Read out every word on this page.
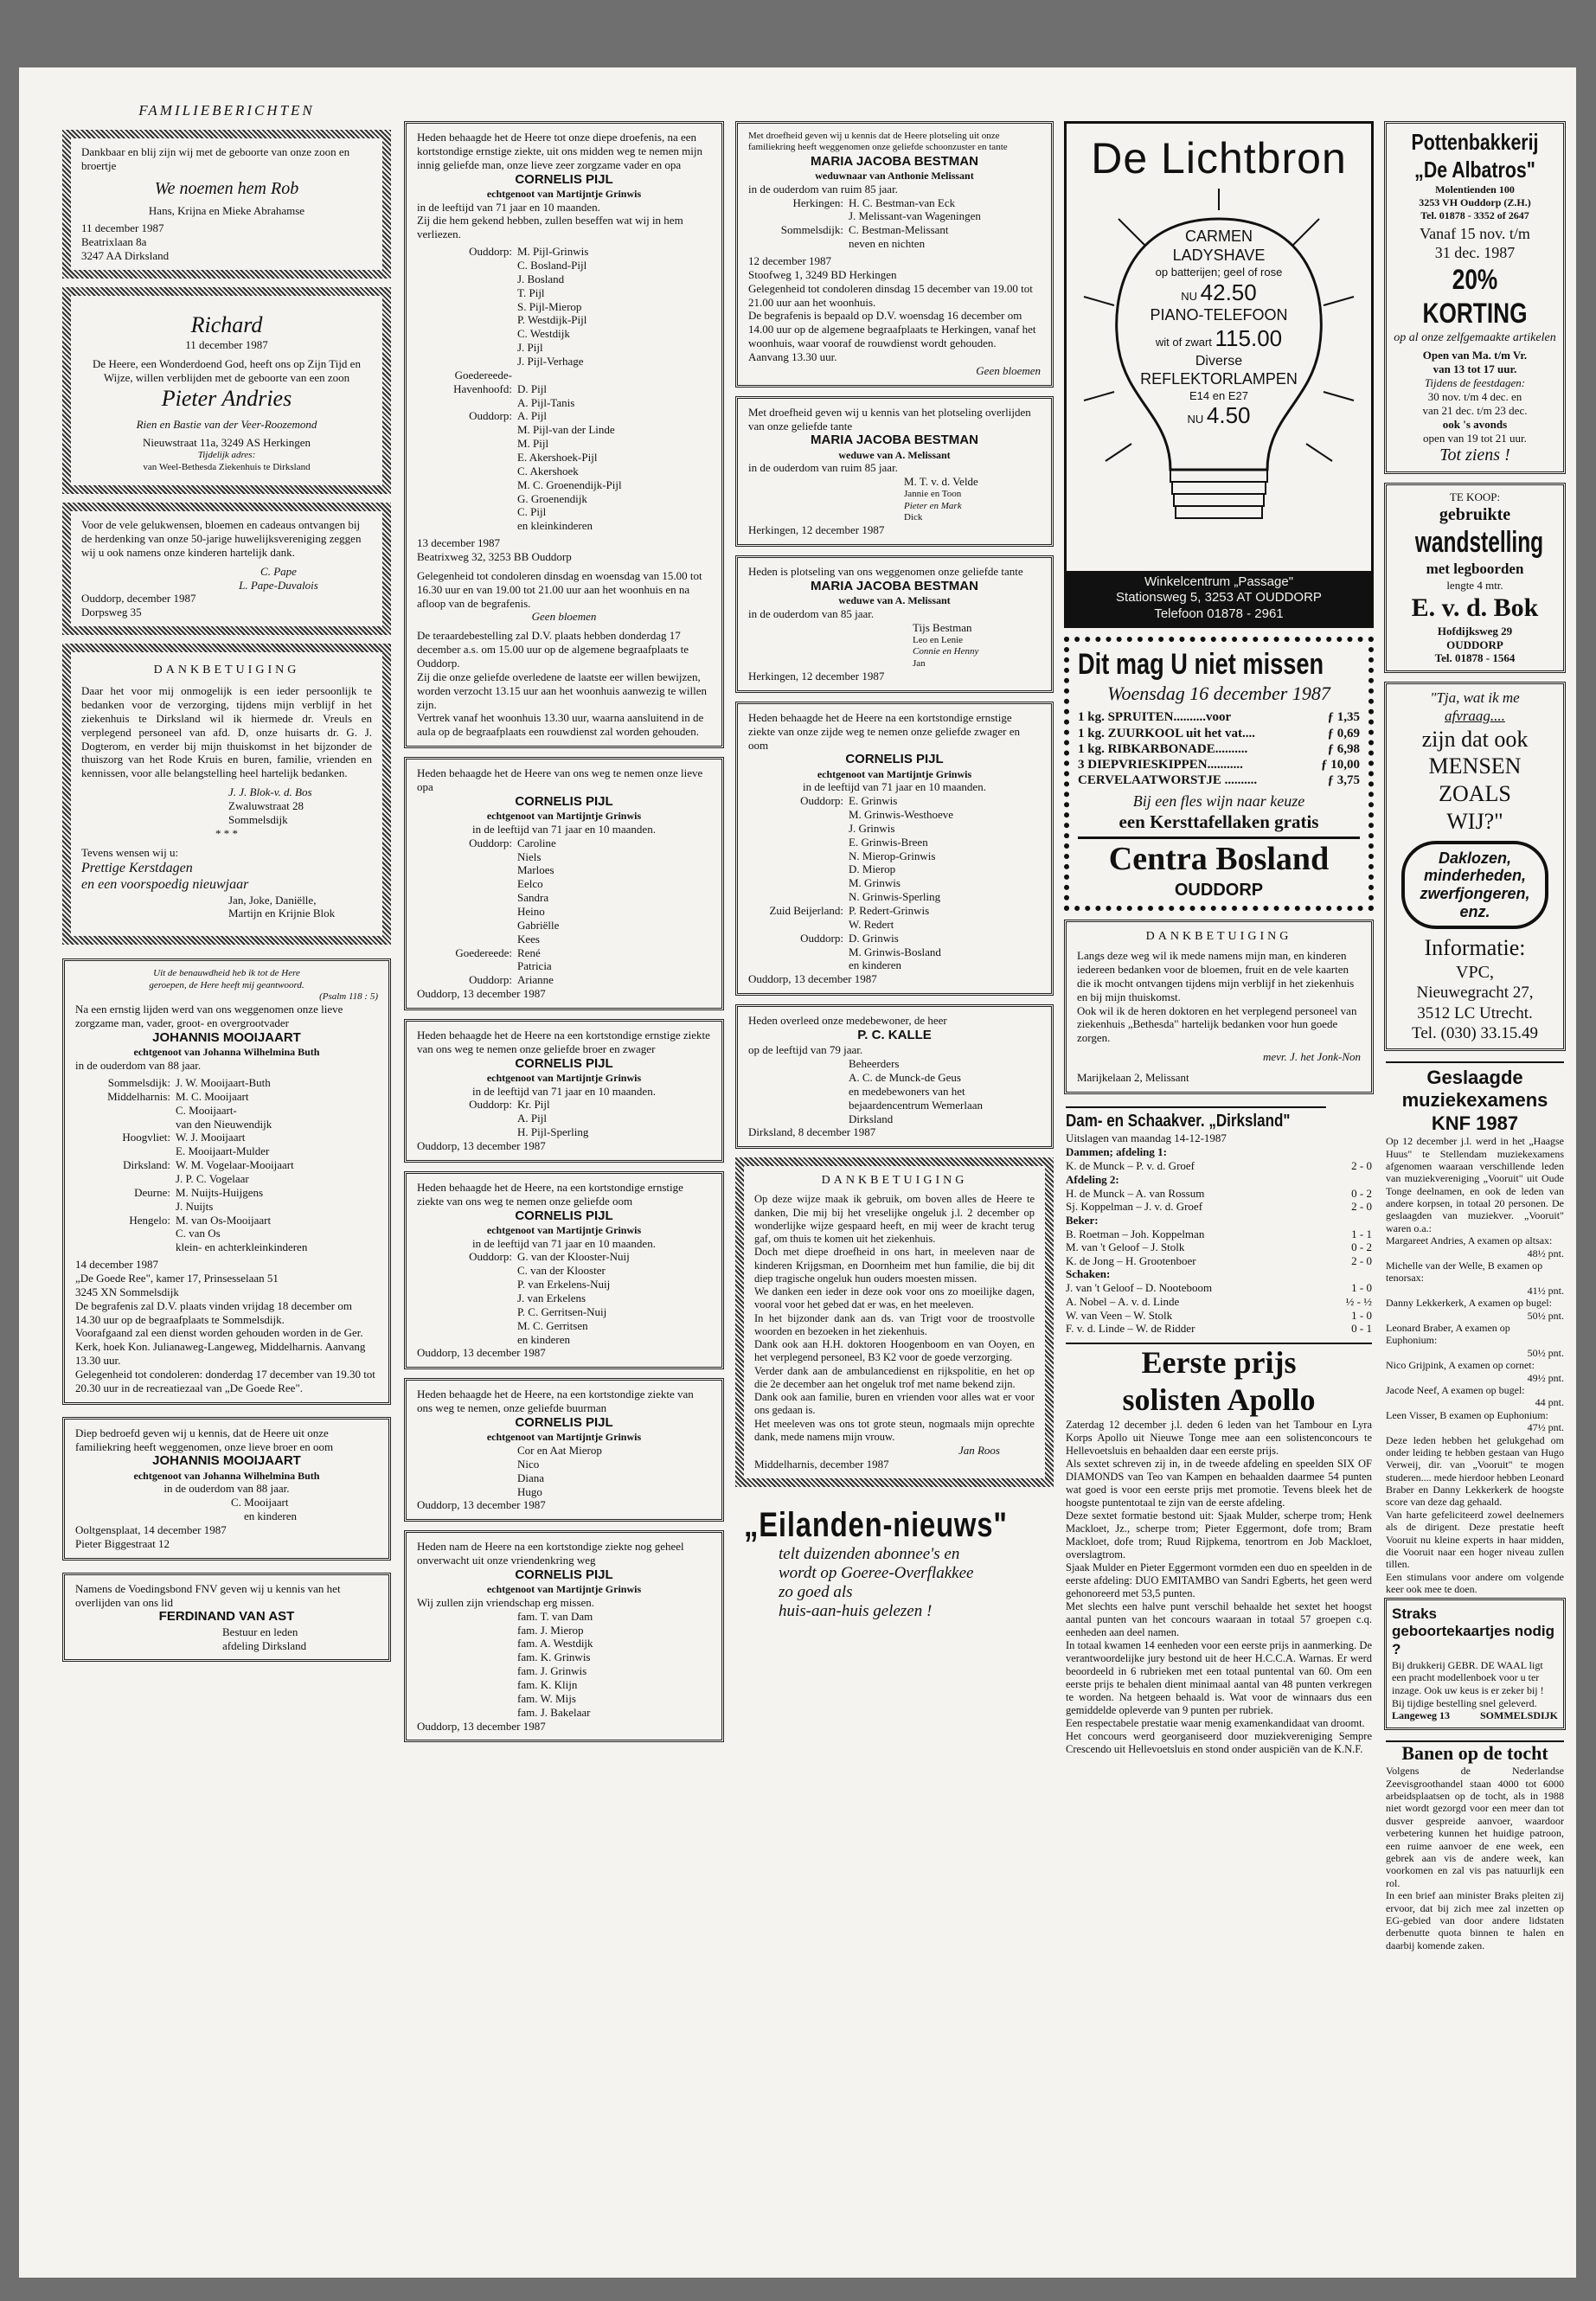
FAMILIEBERICHTEN

Dankbaar en blij zijn wij met de geboorte van onze zoon en broertje

We noemen hem Rob

Hans, Krijna en Mieke Abrahamse

11 december 1987

Beatrixlaan 8a

3247 AA Dirksland

Richard

11 december 1987

De Heere, een Wonderdoend God, heeft ons op Zijn Tijd en Wijze, willen verblijden met de geboorte van een zoon

Pieter Andries

Rien en Bastie van der Veer-Roozemond

Nieuwstraat 11a, 3249 AS Herkingen

Tijdelijk adres:

van Weel-Bethesda Ziekenhuis te Dirksland

Voor de vele gelukwensen, bloemen en cadeaus ontvangen bij de herdenking van onze 50-jarige huwelijksvereniging zeggen wij u ook namens onze kinderen hartelijk dank.

C. Pape

L. Pape-Duvalois

Ouddorp, december 1987

Dorpsweg 35

DANKBETUIGING

Daar het voor mij onmogelijk is een ieder persoonlijk te bedanken voor de verzorging, tijdens mijn verblijf in het ziekenhuis te Dirksland wil ik hiermede dr. Vreuls en verplegend personeel van afd. D, onze huisarts dr. G. J. Dogterom, en verder bij mijn thuiskomst in het bijzonder de thuiszorg van het Rode Kruis en buren, familie, vrienden en kennissen, voor alle belangstelling heel hartelijk bedanken.

J. J. Blok-v. d. Bos

Zwaluwstraat 28

Sommelsdijk

* * *

Tevens wensen wij u:

Prettige Kerstdagen

en een voorspoedig nieuwjaar

Jan, Joke, Daniëlle,

Martijn en Krijnie Blok

Uit de benauwdheid heb ik tot de Here

geroepen, de Here heeft mij geantwoord.

(Psalm 118 : 5)

Na een ernstig lijden werd van ons weggenomen onze lieve zorgzame man, vader, groot- en overgrootvader

JOHANNIS MOOIJAART

echtgenoot van Johanna Wilhelmina Buth

in de ouderdom van 88 jaar.

Sommelsdijk: J. W. Mooijaart-Buth
Middelharnis: M. C. Mooijaart
C. Mooijaart-
van den Nieuwendijk
Hoogvliet: W. J. Mooijaart
E. Mooijaart-Mulder
Dirksland: W. M. Vogelaar-Mooijaart
J. P. C. Vogelaar
Deurne: M. Nuijts-Huijgens
J. Nuijts
Hengelo: M. van Os-Mooijaart
C. van Os
klein- en achterkleinkinderen

14 december 1987

„De Goede Ree", kamer 17, Prinsesselaan 51

3245 XN Sommelsdijk

De begrafenis zal D.V. plaats vinden vrijdag 18 december om 14.30 uur op de begraafplaats te Sommelsdijk.

Voorafgaand zal een dienst worden gehouden worden in de Ger. Kerk, hoek Kon. Julianaweg-Langeweg, Middelharnis. Aanvang 13.30 uur.

Gelegenheid tot condoleren: donderdag 17 december van 19.30 tot 20.30 uur in de recreatiezaal van „De Goede Ree".

Diep bedroefd geven wij u kennis, dat de Heere uit onze familiekring heeft weggenomen, onze lieve broer en oom

JOHANNIS MOOIJAART

echtgenoot van Johanna Wilhelmina Buth

in de ouderdom van 88 jaar.

C. Mooijaart

en kinderen

Ooltgensplaat, 14 december 1987

Pieter Biggestraat 12

Namens de Voedingsbond FNV geven wij u kennis van het overlijden van ons lid

FERDINAND VAN AST

Bestuur en leden

afdeling Dirksland

Heden behaagde het de Heere tot onze diepe droefenis, na een kortstondige ernstige ziekte, uit ons midden weg te nemen mijn innig geliefde man, onze lieve zeer zorgzame vader en opa

CORNELIS PIJL

echtgenoot van Martijntje Grinwis

in de leeftijd van 71 jaar en 10 maanden.

Zij die hem gekend hebben, zullen beseffen wat wij in hem verliezen.

Ouddorp: M. Pijl-Grinwis
C. Bosland-Pijl
J. Bosland
T. Pijl
S. Pijl-Mierop
P. Westdijk-Pijl
C. Westdijk
J. Pijl
J. Pijl-Verhage
Goedereede-
Havenhoofd: D. Pijl
A. Pijl-Tanis
Ouddorp: A. Pijl
M. Pijl-van der Linde
M. Pijl
E. Akershoek-Pijl
C. Akershoek
M. C. Groenendijk-Pijl
G. Groenendijk
C. Pijl
en kleinkinderen

13 december 1987

Beatrixweg 32, 3253 BB Ouddorp

Gelegenheid tot condoleren dinsdag en woensdag van 15.00 tot 16.30 uur en van 19.00 tot 21.00 uur aan het woonhuis en na afloop van de begrafenis.

Geen bloemen

De teraardebestelling zal D.V. plaats hebben donderdag 17 december a.s. om 15.00 uur op de algemene begraafplaats te Ouddorp.

Zij die onze geliefde overledene de laatste eer willen bewijzen, worden verzocht 13.15 uur aan het woonhuis aanwezig te willen zijn.

Vertrek vanaf het woonhuis 13.30 uur, waarna aansluitend in de aula op de begraafplaats een rouwdienst zal worden gehouden.

Heden behaagde het de Heere van ons weg te nemen onze lieve opa

CORNELIS PIJL

echtgenoot van Martijntje Grinwis

in de leeftijd van 71 jaar en 10 maanden.

Ouddorp: Caroline
Niels
Marloes
Eelco
Sandra
Heino
Gabriëlle
Kees
Goedereede: René
Patricia
Ouddorp: Arianne

Ouddorp, 13 december 1987

Heden behaagde het de Heere na een kortstondige ernstige ziekte van ons weg te nemen onze geliefde broer en zwager

CORNELIS PIJL

echtgenoot van Martijntje Grinwis

in de leeftijd van 71 jaar en 10 maanden.

Ouddorp: Kr. Pijl
A. Pijl
H. Pijl-Sperling

Ouddorp, 13 december 1987

Heden behaagde het de Heere, na een kortstondige ernstige ziekte van ons weg te nemen onze geliefde oom

CORNELIS PIJL

echtgenoot van Martijntje Grinwis

in de leeftijd van 71 jaar en 10 maanden.

Ouddorp: G. van der Klooster-Nuij
C. van der Klooster
P. van Erkelens-Nuij
J. van Erkelens
P. C. Gerritsen-Nuij
M. C. Gerritsen
en kinderen

Ouddorp, 13 december 1987

Heden behaagde het de Heere, na een kortstondige ziekte van ons weg te nemen, onze geliefde buurman

CORNELIS PIJL

echtgenoot van Martijntje Grinwis

Cor en Aat Mierop
Nico
Diana
Hugo

Ouddorp, 13 december 1987

Heden nam de Heere na een kortstondige ziekte nog geheel onverwacht uit onze vriendenkring weg

CORNELIS PIJL

echtgenoot van Martijntje Grinwis

Wij zullen zijn vriendschap erg missen.

fam. T. van Dam
fam. J. Mierop
fam. A. Westdijk
fam. K. Grinwis
fam. J. Grinwis
fam. K. Klijn
fam. W. Mijs
fam. J. Bakelaar

Ouddorp, 13 december 1987

Met droefheid geven wij u kennis dat de Heere plotseling uit onze familiekring heeft weggenomen onze geliefde schoonzuster en tante

MARIA JACOBA BESTMAN

weduwnaar van Anthonie Melissant

in de ouderdom van ruim 85 jaar.

Herkingen: H. C. Bestman-van Eck
J. Melissant-van Wageningen
Sommelsdijk: C. Bestman-Melissant
neven en nichten

12 december 1987

Stoofweg 1, 3249 BD Herkingen

Gelegenheid tot condoleren dinsdag 15 december van 19.00 tot 21.00 uur aan het woonhuis.

De begrafenis is bepaald op D.V. woensdag 16 december om 14.00 uur op de algemene begraafplaats te Herkingen, vanaf het woonhuis, waar vooraf de rouwdienst wordt gehouden.

Aanvang 13.30 uur.

Geen bloemen

Met droefheid geven wij u kennis van het plotseling overlijden van onze geliefde tante

MARIA JACOBA BESTMAN

weduwe van A. Melissant

in de ouderdom van ruim 85 jaar.

M. T. v. d. Velde

Jannie en Toon

Pieter en Mark

Dick

Herkingen, 12 december 1987

Heden is plotseling van ons weggenomen onze geliefde tante

MARIA JACOBA BESTMAN

weduwe van A. Melissant

in de ouderdom van 85 jaar.

Tijs Bestman

Leo en Lenie

Connie en Henny

Jan

Herkingen, 12 december 1987

Heden behaagde het de Heere na een kortstondige ernstige ziekte van onze zijde weg te nemen onze geliefde zwager en oom

CORNELIS PIJL

echtgenoot van Martijntje Grinwis

in de leeftijd van 71 jaar en 10 maanden.

Ouddorp: E. Grinwis
M. Grinwis-Westhoeve
J. Grinwis
E. Grinwis-Breen
N. Mierop-Grinwis
D. Mierop
M. Grinwis
N. Grinwis-Sperling
Zuid Beijerland: P. Redert-Grinwis
W. Redert
Ouddorp: D. Grinwis
M. Grinwis-Bosland
en kinderen

Ouddorp, 13 december 1987

Heden overleed onze medebewoner, de heer

P. C. KALLE

op de leeftijd van 79 jaar.

Beheerders
A. C. de Munck-de Geus
en medebewoners van het
bejaardencentrum Wemerlaan
Dirksland

Dirksland, 8 december 1987

DANKBETUIGING

Op deze wijze maak ik gebruik, om boven alles de Heere te danken, Die mij bij het vreselijke ongeluk j.l. 2 december op wonderlijke wijze gespaard heeft, en mij weer de kracht terug gaf, om thuis te komen uit het ziekenhuis.
Doch met diepe droefheid in ons hart, in meeleven naar de kinderen Krijgsman, en Doornheim met hun familie, die bij dit diep tragische ongeluk hun ouders moesten missen.
We danken een ieder in deze ook voor ons zo moeilijke dagen, vooral voor het gebed dat er was, en het meeleven.
In het bijzonder dank aan ds. van Trigt voor de troostvolle woorden en bezoeken in het ziekenhuis.
Dank ook aan H.H. doktoren Hoogenboom en van Ooyen, en het verplegend personeel, B3 K2 voor de goede verzorging.
Verder dank aan de ambulancedienst en rijkspolitie, en het op die 2e december aan het ongeluk trof met name bekend zijn.
Dank ook aan familie, buren en vrienden voor alles wat er voor ons gedaan is.
Het meeleven was ons tot grote steun, nogmaals mijn oprechte dank, mede namens mijn vrouw.

Jan Roos

Middelharnis, december 1987

„Eilanden-nieuws"

telt duizenden abonnee's en

wordt op Goeree-Overflakkee

zo goed als

huis-aan-huis gelezen !

De Lichtbron

CARMEN

LADYSHAVE

op batterijen; geel of rose

NU 42.50

PIANO-TELEFOON

wit of zwart 115.00

Diverse

REFLEKTORLAMPEN

E14 en E27

NU 4.50

Winkelcentrum „Passage"

Stationsweg 5, 3253 AT OUDDORP

Telefoon 01878 - 2961

Dit mag U niet missen

Woensdag 16 december 1987

1 kg. SPRUITEN..........voor	ƒ 1,35
1 kg. ZUURKOOL uit het vat....	ƒ 0,69
1 kg. RIBKARBONADE..........	ƒ 6,98
3 DIEPVRIESKIPPEN...........	ƒ 10,00
CERVELAATWORSTJE ..........	ƒ 3,75

Bij een fles wijn naar keuze

een Kersttafellaken gratis

Centra Bosland

OUDDORP

DANKBETUIGING

Langs deze weg wil ik mede namens mijn man, en kinderen iedereen bedanken voor de bloemen, fruit en de vele kaarten die ik mocht ontvangen tijdens mijn verblijf in het ziekenhuis en bij mijn thuiskomst.
Ook wil ik de heren doktoren en het verplegend personeel van ziekenhuis „Bethesda" hartelijk bedanken voor hun goede zorgen.

mevr. J. het Jonk-Non

Marijkelaan 2, Melissant

Dam- en Schaakver. „Dirksland"

Uitslagen van maandag 14-12-1987

Dammen; afdeling 1:

K. de Munck – P. v. d. Groef	2 - 0

Afdeling 2:

H. de Munck – A. van Rossum	0 - 2
Sj. Koppelman – J. v. d. Groef	2 - 0

Beker:

B. Roetman – Joh. Koppelman	1 - 1
M. van 't Geloof – J. Stolk	0 - 2
K. de Jong – H. Grootenboer	2 - 0

Schaken:

J. van 't Geloof – D. Nooteboom	1 - 0
A. Nobel – A. v. d. Linde	½ - ½
W. van Veen – W. Stolk	1 - 0
F. v. d. Linde – W. de Ridder	0 - 1

Eerste prijs

solisten Apollo

Zaterdag 12 december j.l. deden 6 leden van het Tambour en Lyra Korps Apollo uit Nieuwe Tonge mee aan een solistenconcours te Hellevoetsluis en behaalden daar een eerste prijs.
Als sextet schreven zij in, in de tweede afdeling en speelden SIX OF DIAMONDS van Teo van Kampen en behaalden daarmee 54 punten wat goed is voor een eerste prijs met promotie. Tevens bleek het de hoogste puntentotaal te zijn van de eerste afdeling.
Deze sextet formatie bestond uit: Sjaak Mulder, scherpe trom; Henk Mackloet, Jz., scherpe trom; Pieter Eggermont, dofe trom; Bram Mackloet, dofe trom; Ruud Rijpkema, tenortrom en Job Mackloet, overslagtrom.
Sjaak Mulder en Pieter Eggermont vormden een duo en speelden in de eerste afdeling: DUO EMITAMBO van Sandri Egberts, het geen werd gehonoreerd met 53,5 punten.
Met slechts een halve punt verschil behaalde het sextet het hoogst aantal punten van het concours waaraan in totaal 57 groepen c.q. eenheden aan deel namen.
In totaal kwamen 14 eenheden voor een eerste prijs in aanmerking. De verantwoordelijke jury bestond uit de heer H.C.C.A. Warnas. Er werd beoordeeld in 6 rubrieken met een totaal puntental van 60. Om een eerste prijs te behalen dient minimaal aantal van 48 punten verkregen te worden. Na hetgeen behaald is. Wat voor de winnaars dus een gemiddelde opleverde van 9 punten per rubriek.
Een respectabele prestatie waar menig examenkandidaat van droomt.
Het concours werd georganiseerd door muziekvereniging Sempre Crescendo uit Hellevoetsluis en stond onder auspiciën van de K.N.F.

Pottenbakkerij

„De Albatros"

Molentienden 100

3253 VH Ouddorp (Z.H.)

Tel. 01878 - 3352 of 2647

Vanaf 15 nov. t/m

31 dec. 1987

20% KORTING

op al onze zelfgemaakte artikelen

Open van Ma. t/m Vr.

van 13 tot 17 uur.

Tijdens de feestdagen:

30 nov. t/m 4 dec. en

van 21 dec. t/m 23 dec.

ook 's avonds

open van 19 tot 21 uur.

Tot ziens !

TE KOOP:

gebruikte

wandstelling

met legboorden

lengte 4 mtr.

E. v. d. Bok

Hofdijksweg 29

OUDDORP

Tel. 01878 - 1564

"Tja, wat ik me

afvraag....

zijn dat ook

MENSEN

ZOALS

WIJ?"

Daklozen,

minderheden,

zwerfjongeren,

enz.

Informatie:

VPC,

Nieuwegracht 27,

3512 LC Utrecht.

Tel. (030) 33.15.49

Geslaagde muziekexamens KNF 1987

Op 12 december j.l. werd in het „Haagse Huus" te Stellendam muziekexamens afgenomen waaraan verschillende leden van muziekvereniging „Vooruit" uit Oude Tonge deelnamen, en ook de leden van andere korpsen, in totaal 20 personen. De geslaagden van muziekver. „Vooruit" waren o.a.:

Margareet Andries, A examen op altsax:

48½ pnt.

Michelle van der Welle, B examen op tenorsax:

41½ pnt.

Danny Lekkerkerk, A examen op bugel:

50½ pnt.

Leonard Braber, A examen op Euphonium:

50½ pnt.

Nico Grijpink, A examen op cornet:

49½ pnt.

Jacode Neef, A examen op bugel:

44 pnt.

Leen Visser, B examen op Euphonium:

47½ pnt.

Deze leden hebben het gelukgehad om onder leiding te hebben gestaan van Hugo Verweij, dir. van „Vooruit" te mogen studeren.... mede hierdoor hebben Leonard Braber en Danny Lekkerkerk de hoogste score van deze dag gehaald.
Van harte gefeliciteerd zowel deelnemers als de dirigent. Deze prestatie heeft Vooruit nu kleine experts in haar midden, die Vooruit naar een hoger niveau zullen tillen.
Een stimulans voor andere om volgende keer ook mee te doen.

Straks geboortekaartjes nodig ?

Bij drukkerij GEBR. DE WAAL ligt een pracht modellenboek voor u ter inzage. Ook uw keus is er zeker bij !
Bij tijdige bestelling snel geleverd.

Langeweg 13	SOMMELSDIJK

Banen op de tocht

Volgens de Nederlandse Zeevisgroothandel staan 4000 tot 6000 arbeidsplaatsen op de tocht, als in 1988 niet wordt gezorgd voor een meer dan tot dusver gespreide aanvoer, waardoor verbetering kunnen het huidige patroon, een ruime aanvoer de ene week, een gebrek aan vis de andere week, kan voorkomen en zal vis pas natuurlijk een rol.
In een brief aan minister Braks pleiten zij ervoor, dat bij zich mee zal inzetten op EG-gebied van door andere lidstaten derbenutte quota binnen te halen en daarbij komende zaken.
